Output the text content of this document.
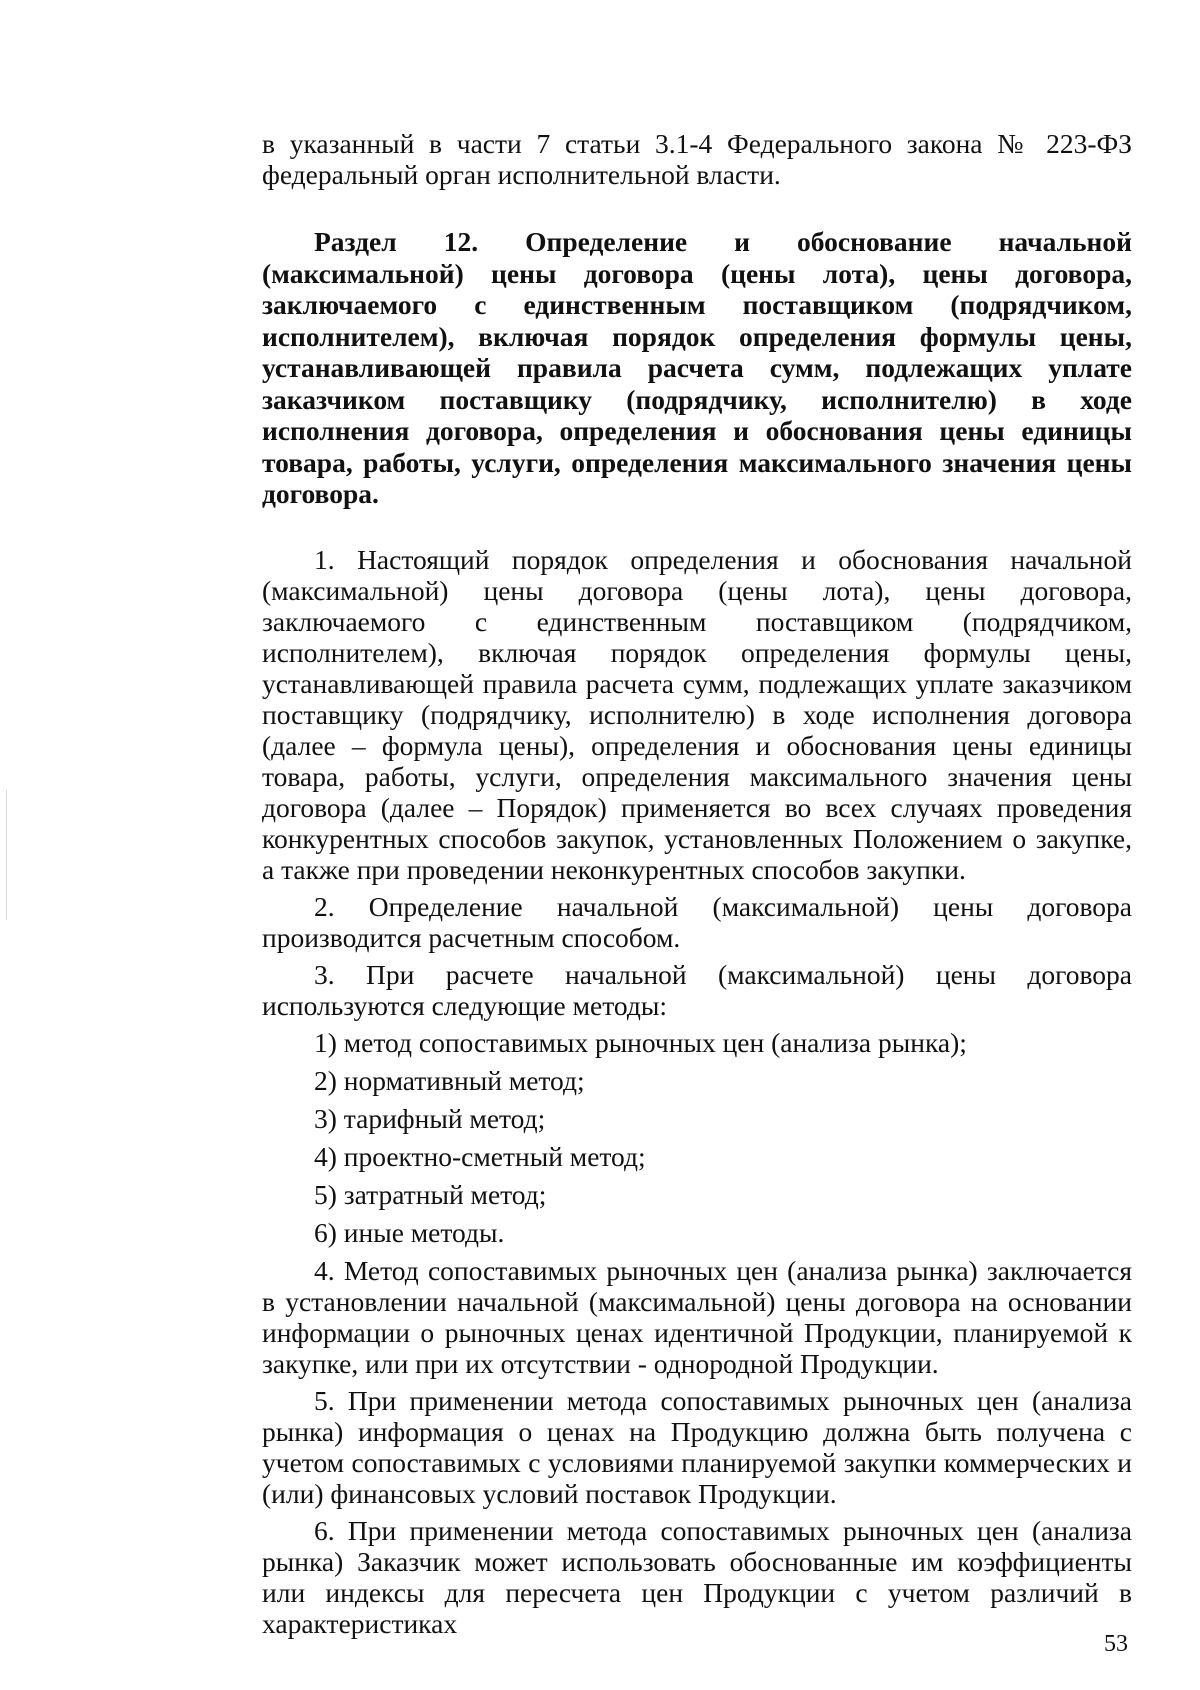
в указанный в части 7 статьи 3.1-4 Федерального закона № 223-ФЗ федеральный орган исполнительной власти.

Раздел 12. Определение и обоснование начальной (максимальной) цены договора (цены лота), цены договора, заключаемого с единственным поставщиком (подрядчиком, исполнителем), включая порядок определения формулы цены, устанавливающей правила расчета сумм, подлежащих уплате заказчиком поставщику (подрядчику, исполнителю) в ходе исполнения договора, определения и обоснования цены единицы товара, работы, услуги, определения максимального значения цены договора.

1. Настоящий порядок определения и обоснования начальной (максимальной) цены договора (цены лота), цены договора, заключаемого с единственным поставщиком (подрядчиком, исполнителем), включая порядок определения формулы цены, устанавливающей правила расчета сумм, подлежащих уплате заказчиком поставщику (подрядчику, исполнителю) в ходе исполнения договора (далее – формула цены), определения и обоснования цены единицы товара, работы, услуги, определения максимального значения цены договора (далее – Порядок) применяется во всех случаях проведения конкурентных способов закупок, установленных Положением о закупке, а также при проведении неконкурентных способов закупки.

2. Определение начальной (максимальной) цены договора производится расчетным способом.

3. При расчете начальной (максимальной) цены договора используются следующие методы:

1) метод сопоставимых рыночных цен (анализа рынка);
2) нормативный метод;
3) тарифный метод;
4) проектно-сметный метод;
5) затратный метод;
6) иные методы.

4. Метод сопоставимых рыночных цен (анализа рынка) заключается в установлении начальной (максимальной) цены договора на основании информации о рыночных ценах идентичной Продукции, планируемой к закупке, или при их отсутствии - однородной Продукции.

5. При применении метода сопоставимых рыночных цен (анализа рынка) информация о ценах на Продукцию должна быть получена с учетом сопоставимых с условиями планируемой закупки коммерческих и (или) финансовых условий поставок Продукции.

6. При применении метода сопоставимых рыночных цен (анализа рынка) Заказчик может использовать обоснованные им коэффициенты или индексы для пересчета цен Продукции с учетом различий в характеристиках

53
